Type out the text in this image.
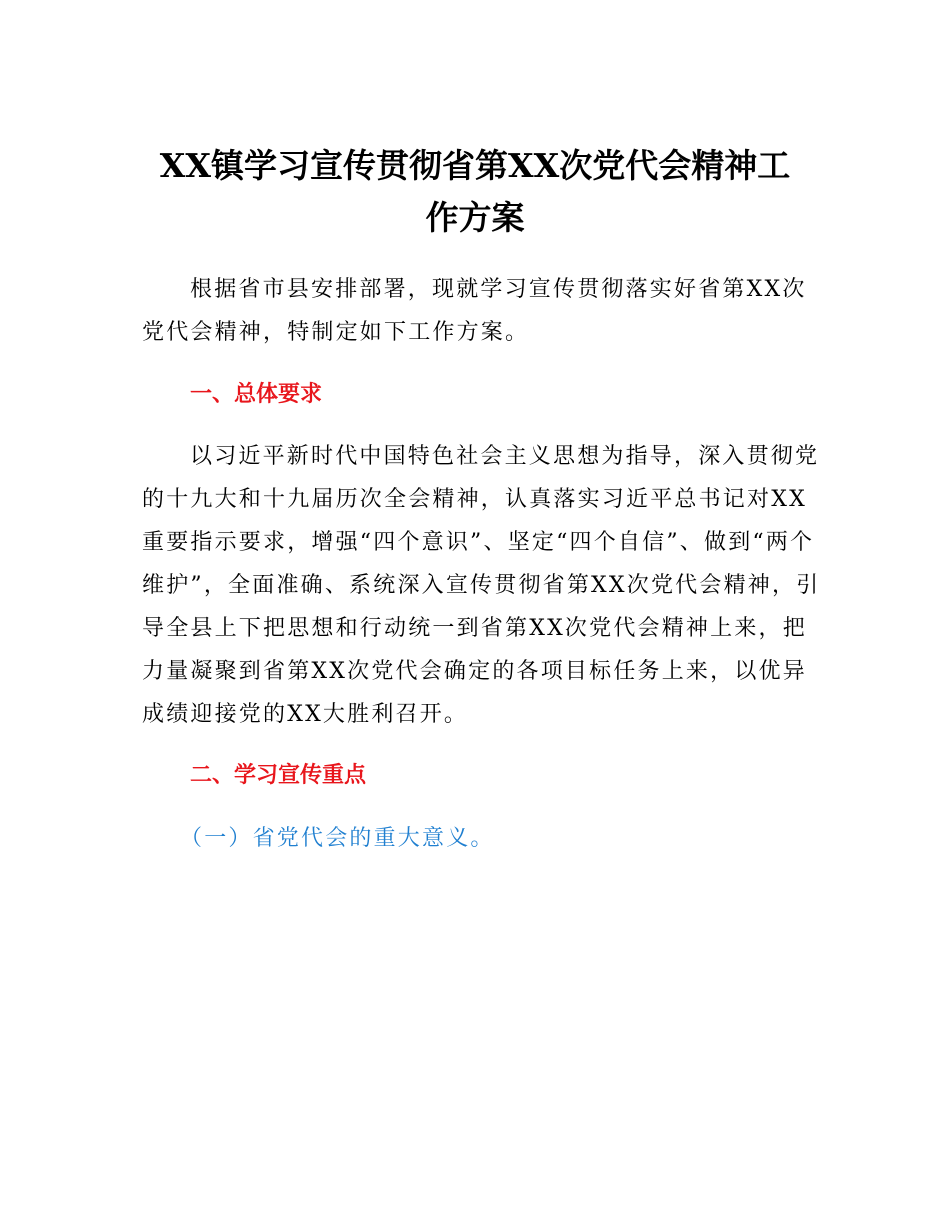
XX镇学习宣传贯彻省第XX次党代会精神工
作方案

根据省市县安排部署，现就学习宣传贯彻落实好省第XX次党代会精神，特制定如下工作方案。

一、总体要求

以习近平新时代中国特色社会主义思想为指导，深入贯彻党的十九大和十九届历次全会精神，认真落实习近平总书记对XX重要指示要求，增强“四个意识”、坚定“四个自信”、做到“两个维护”，全面准确、系统深入宣传贯彻省第XX次党代会精神，引导全县上下把思想和行动统一到省第XX次党代会精神上来，把力量凝聚到省第XX次党代会确定的各项目标任务上来，以优异成绩迎接党的XX大胜利召开。

二、学习宣传重点

（一）省党代会的重大意义。
